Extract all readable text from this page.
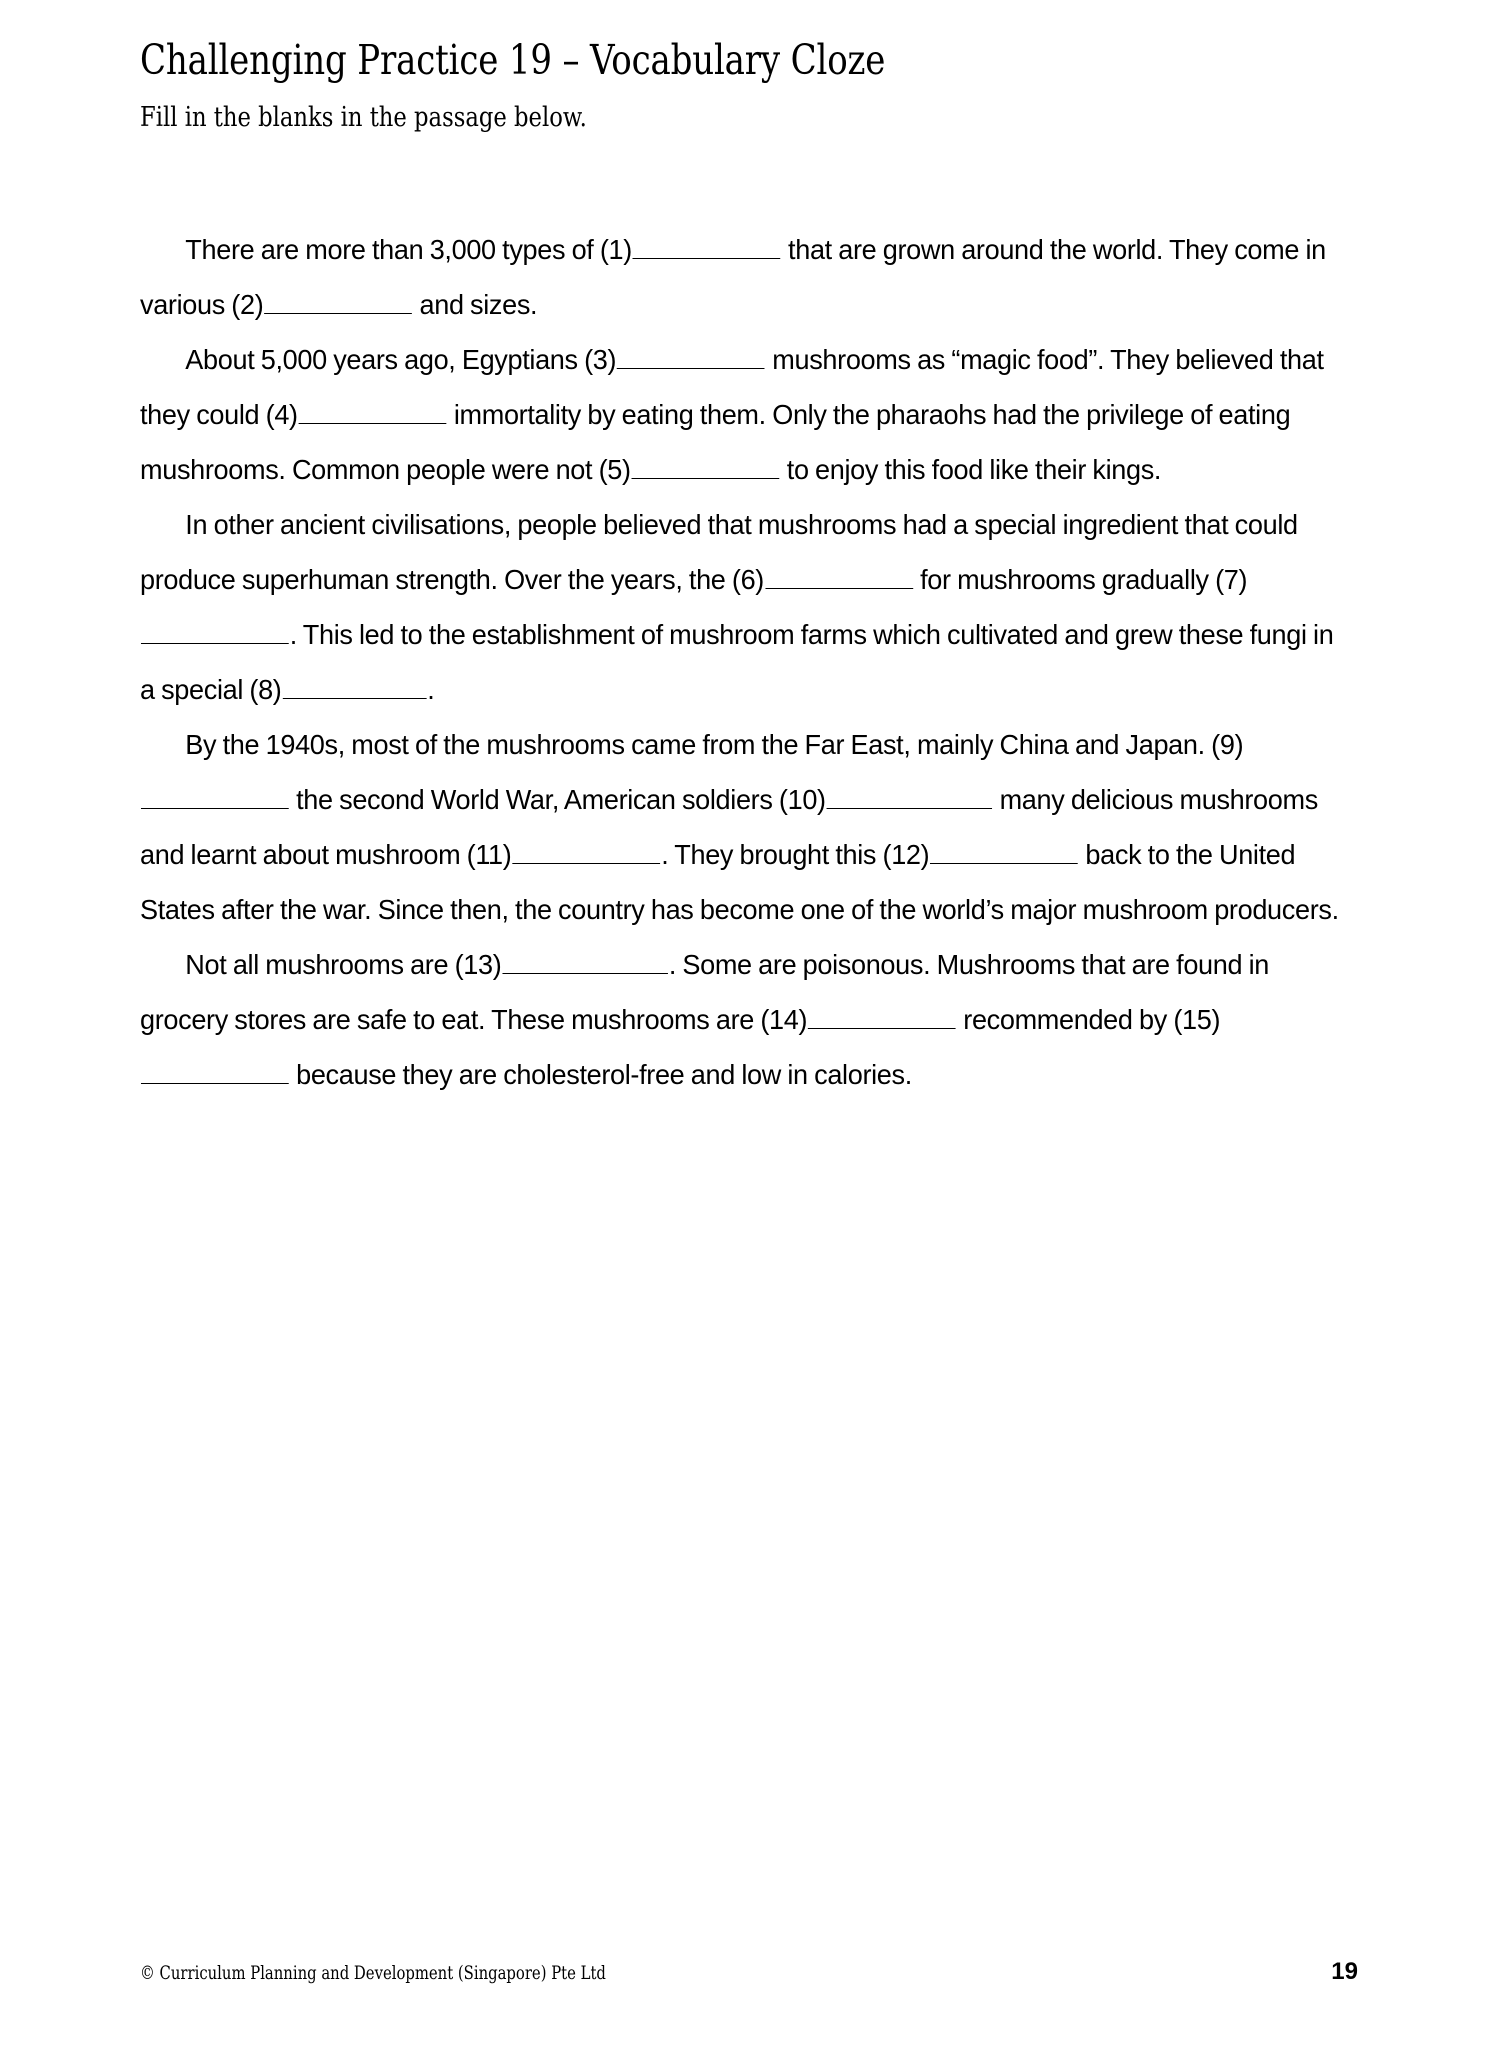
Challenging Practice 19 – Vocabulary Cloze

Fill in the blanks in the passage below.

There are more than 3,000 types of (1)	that are grown around the world. They come in various (2)	and sizes.

About 5,000 years ago, Egyptians (3)	mushrooms as “magic food”. They believed that they could (4)	immortality by eating them. Only the pharaohs had the privilege of eating mushrooms. Common people were not (5)	to enjoy this food like their kings.

In other ancient civilisations, people believed that mushrooms had a special ingredient that could produce superhuman strength. Over the years, the (6)	for mushrooms gradually (7). This led to the establishment of mushroom farms which cultivated and grew these fungi in a special (8)	.

By the 1940s, most of the mushrooms came from the Far East, mainly China and Japan. (9) the second World War, American soldiers (10)	many delicious mushrooms and learnt about mushroom (11)	. They brought this (12)	back to the United States after the war. Since then, the country has become one of the world’s major mushroom producers.

Not all mushrooms are (13)	. Some are poisonous. Mushrooms that are found in grocery stores are safe to eat. These mushrooms are (14)	recommended by (15) because they are cholesterol-free and low in calories.

© Curriculum Planning and Development (Singapore) Pte Ltd	19
